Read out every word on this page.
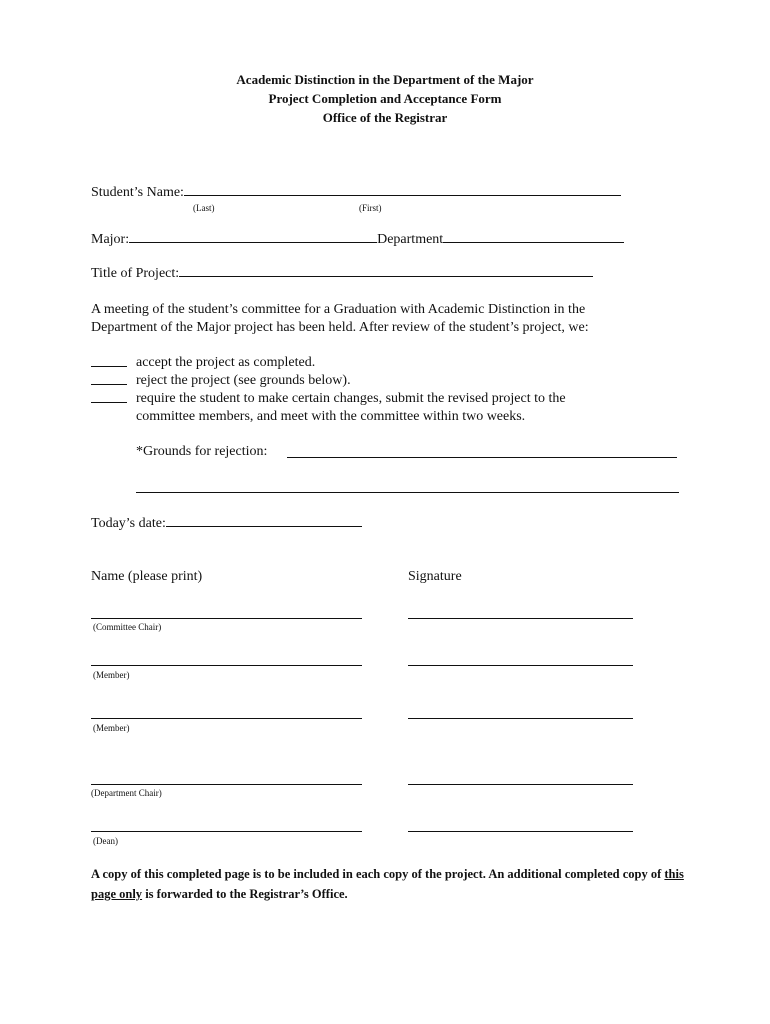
Academic Distinction in the Department of the Major
Project Completion and Acceptance Form
Office of the Registrar
Student’s Name:
(Last)	(First)
Major:	Department
Title of Project:
A meeting of the student’s committee for a Graduation with Academic Distinction in the
Department of the Major project has been held. After review of the student’s project, we:
accept the project as completed.
reject the project (see grounds below).
require the student to make certain changes, submit the revised project to the
committee members, and meet with the committee within two weeks.
*Grounds for rejection:
Today’s date:
Name (please print)	Signature
(Committee Chair)
(Member)
(Member)
(Department Chair)
(Dean)
A copy of this completed page is to be included in each copy of the project. An additional completed copy of this page only is forwarded to the Registrar’s Office.
